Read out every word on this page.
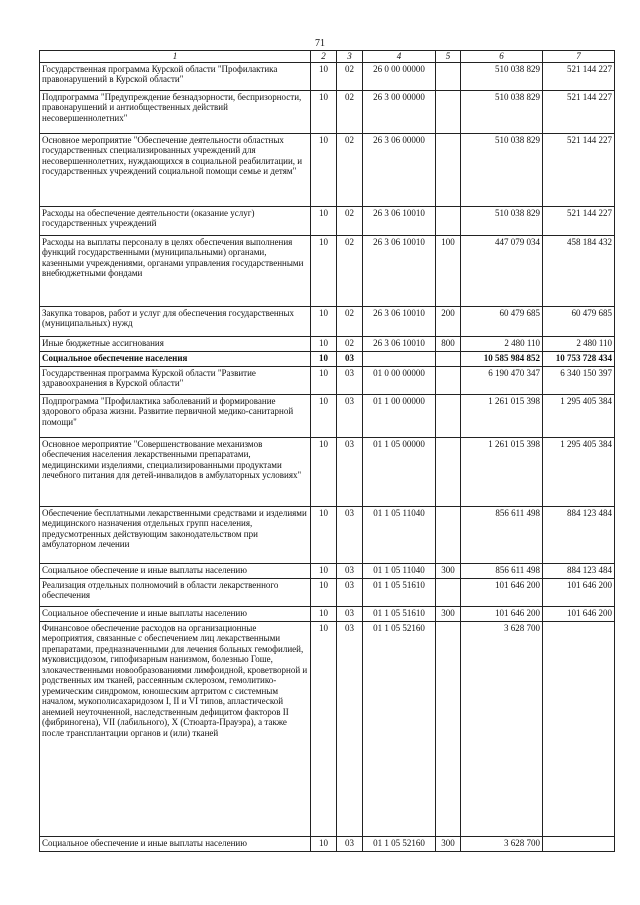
71
1	2	3	4	5	6	7
Государственная программа Курской области "Профилактика правонарушений в Курской области"	10	02	26 0 00 00000		510 038 829	521 144 227
Подпрограмма "Предупреждение безнадзорности, беспризорности, правонарушений и антиобщественных действий несовершеннолетних"	10	02	26 3 00 00000		510 038 829	521 144 227
Основное мероприятие "Обеспечение деятельности областных государственных специализированных учреждений для несовершеннолетних, нуждающихся в социальной реабилитации, и государственных учреждений социальной помощи семье и детям"	10	02	26 3 06 00000		510 038 829	521 144 227
Расходы на обеспечение деятельности (оказание услуг) государственных учреждений	10	02	26 3 06 10010		510 038 829	521 144 227
Расходы на выплаты персоналу в целях обеспечения выполнения функций государственными (муниципальными) органами, казенными учреждениями, органами управления государственными внебюджетными фондами	10	02	26 3 06 10010	100	447 079 034	458 184 432
Закупка товаров, работ и услуг для обеспечения государственных (муниципальных) нужд	10	02	26 3 06 10010	200	60 479 685	60 479 685
Иные бюджетные ассигнования	10	02	26 3 06 10010	800	2 480 110	2 480 110
Социальное обеспечение населения	10	03			10 585 984 852	10 753 728 434
Государственная программа Курской области "Развитие здравоохранения в Курской области"	10	03	01 0 00 00000		6 190 470 347	6 340 150 397
Подпрограмма "Профилактика заболеваний и формирование здорового образа жизни. Развитие первичной медико-санитарной помощи"	10	03	01 1 00 00000		1 261 015 398	1 295 405 384
Основное мероприятие "Совершенствование механизмов обеспечения населения лекарственными препаратами, медицинскими изделиями, специализированными продуктами лечебного питания для детей-инвалидов в амбулаторных условиях"	10	03	01 1 05 00000		1 261 015 398	1 295 405 384
Обеспечение бесплатными лекарственными средствами и изделиями медицинского назначения отдельных групп населения, предусмотренных действующим законодательством при амбулаторном лечении	10	03	01 1 05 11040		856 611 498	884 123 484
Социальное обеспечение и иные выплаты населению	10	03	01 1 05 11040	300	856 611 498	884 123 484
Реализация отдельных полномочий в области лекарственного обеспечения	10	03	01 1 05 51610		101 646 200	101 646 200
Социальное обеспечение и иные выплаты населению	10	03	01 1 05 51610	300	101 646 200	101 646 200
Финансовое обеспечение расходов на организационные мероприятия, связанные с обеспечением лиц лекарственными препаратами, предназначенными для лечения больных гемофилией, муковисцидозом, гипофизарным нанизмом, болезнью Гоше, злокачественными новообразованиями лимфоидной, кроветворной и родственных им тканей, рассеянным склерозом, гемолитико-уремическим синдромом, юношеским артритом с системным началом, мукополисахаридозом I, II и VI типов, апластической анемией неуточненной, наследственным дефицитом факторов II (фибриногена), VII (лабильного), X (Стюарта-Прауэра), а также после трансплантации органов и (или) тканей	10	03	01 1 05 52160		3 628 700	
Социальное обеспечение и иные выплаты населению	10	03	01 1 05 52160	300	3 628 700	
